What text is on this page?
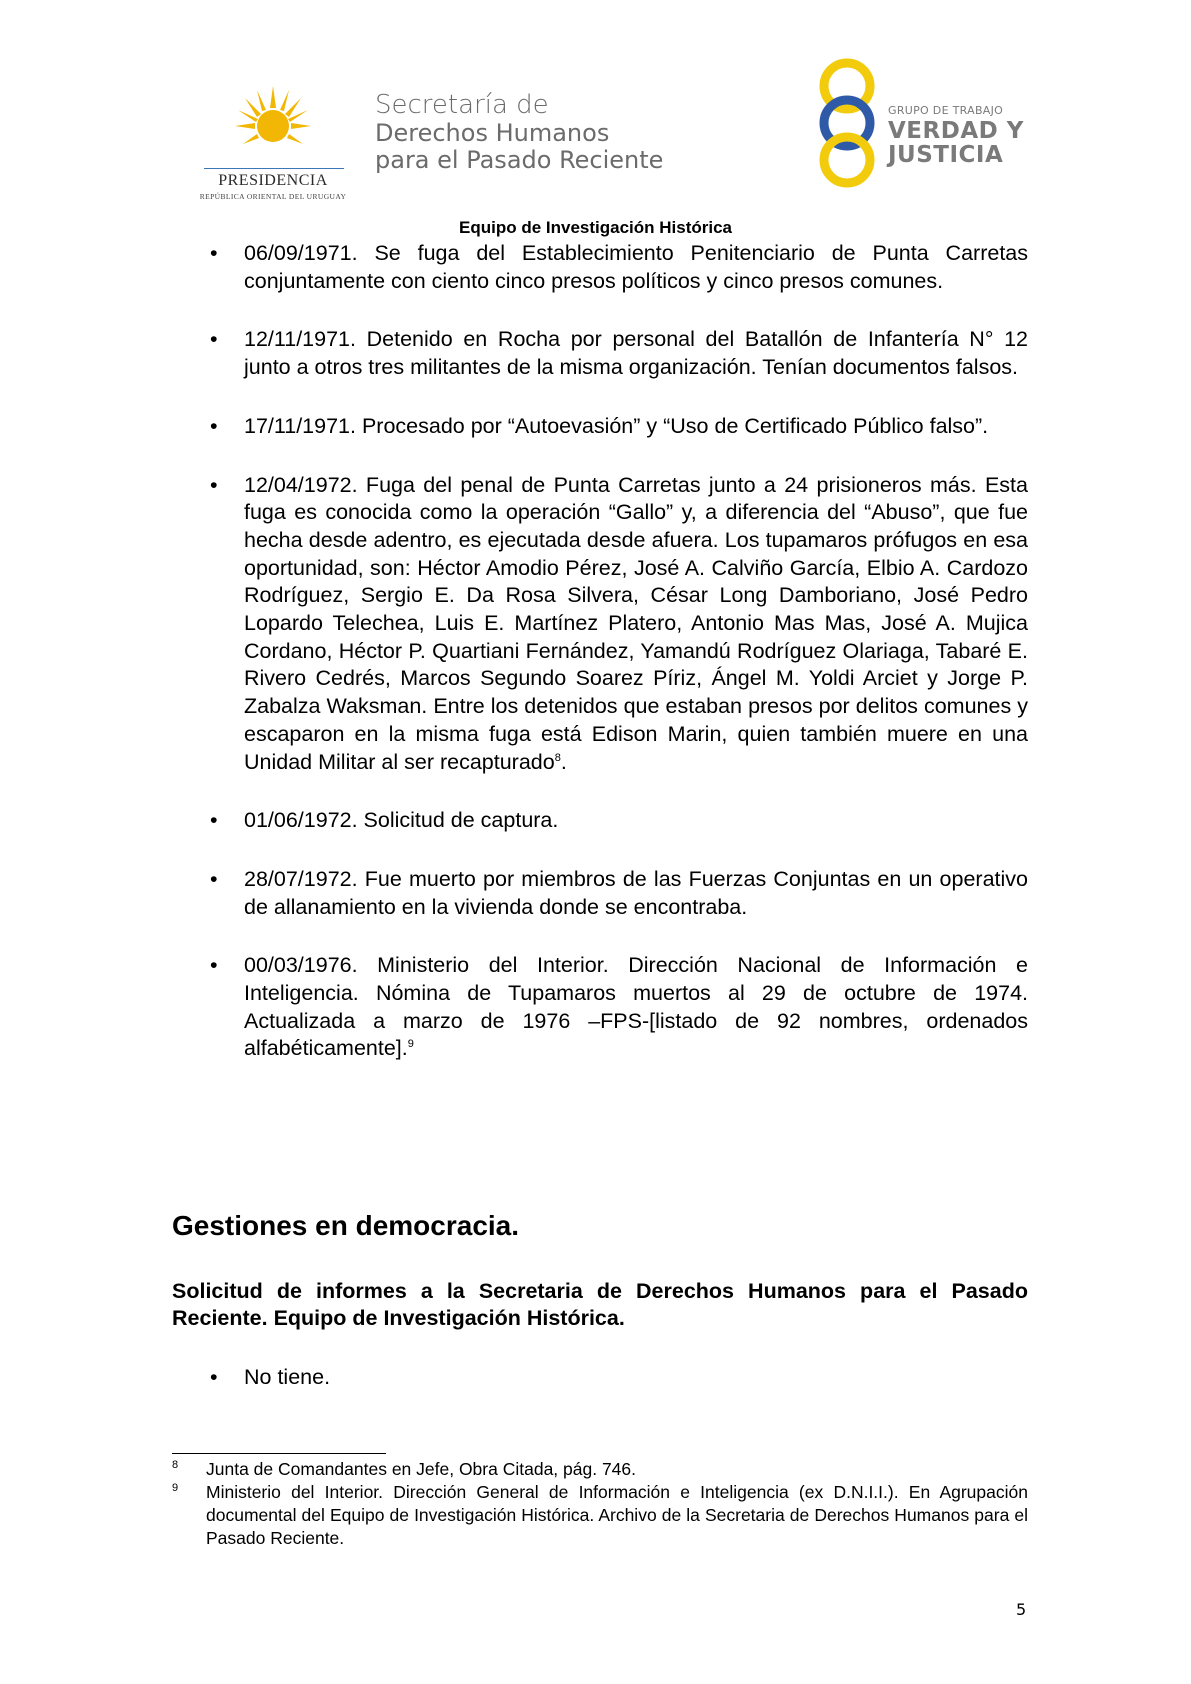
PRESIDENCIA
REPÚBLICA ORIENTAL DEL URUGUAY
Secretaría de
Derechos Humanos
para el Pasado Reciente
GRUPO DE TRABAJO
VERDAD Y
JUSTICIA
Equipo de Investigación Histórica
• 06/09/1971. Se fuga del Establecimiento Penitenciario de Punta Carretas conjuntamente con ciento cinco presos políticos y cinco presos comunes.
• 12/11/1971. Detenido en Rocha por personal del Batallón de Infantería N° 12 junto a otros tres militantes de la misma organización. Tenían documentos falsos.
• 17/11/1971. Procesado por “Autoevasión” y “Uso de Certificado Público falso”.
• 12/04/1972. Fuga del penal de Punta Carretas junto a 24 prisioneros más. Esta fuga es conocida como la operación “Gallo” y, a diferencia del “Abuso”, que fue hecha desde adentro, es ejecutada desde afuera. Los tupamaros prófugos en esa oportunidad, son: Héctor Amodio Pérez, José A. Calviño García, Elbio A. Cardozo Rodríguez, Sergio E. Da Rosa Silvera, César Long Damboriano, José Pedro Lopardo Telechea, Luis E. Martínez Platero, Antonio Mas Mas, José A. Mujica Cordano, Héctor P. Quartiani Fernández, Yamandú Rodríguez Olariaga, Tabaré E. Rivero Cedrés, Marcos Segundo Soarez Píriz, Ángel M. Yoldi Arciet y Jorge P. Zabalza Waksman. Entre los detenidos que estaban presos por delitos comunes y escaparon en la misma fuga está Edison Marin, quien también muere en una Unidad Militar al ser recapturado$^8$.
• 01/06/1972. Solicitud de captura.
• 28/07/1972. Fue muerto por miembros de las Fuerzas Conjuntas en un operativo de allanamiento en la vivienda donde se encontraba.
• 00/03/1976. Ministerio del Interior. Dirección Nacional de Información e Inteligencia. Nómina de Tupamaros muertos al 29 de octubre de 1974. Actualizada a marzo de 1976 –FPS-[listado de 92 nombres, ordenados alfabéticamente].$^9$
Gestiones en democracia.
Solicitud de informes a la Secretaria de Derechos Humanos para el Pasado Reciente. Equipo de Investigación Histórica.
• No tiene.
8 Junta de Comandantes en Jefe, Obra Citada, pág. 746.
9 Ministerio del Interior. Dirección General de Información e Inteligencia (ex D.N.I.I.). En Agrupación documental del Equipo de Investigación Histórica. Archivo de la Secretaria de Derechos Humanos para el Pasado Reciente.
5
